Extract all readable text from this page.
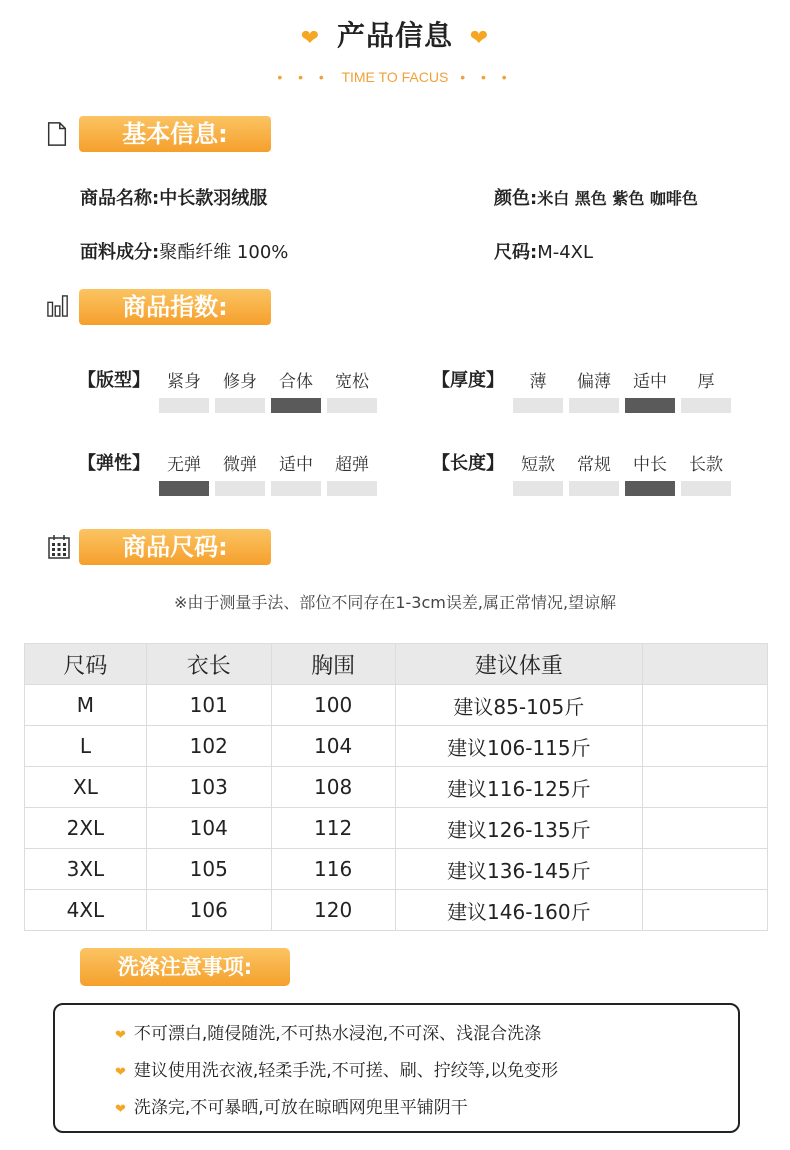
❤ 产品信息 ❤
• • • TIME TO FACUS • • •
基本信息:
商品名称:中长款羽绒服	颜色:米白 黑色 紫色 咖啡色
面料成分:聚酯纤维 100%	尺码:M-4XL
商品指数:
【版型】	紧身	修身	合体	宽松	【厚度】	薄	偏薄	适中	厚
【弹性】	无弹	微弹	适中	超弹	【长度】	短款	常规	中长	长款
商品尺码:
※由于测量手法、部位不同存在1-3cm误差,属正常情况,望谅解
尺码	衣长	胸围	建议体重	
M	101	100	建议85-105斤	
L	102	104	建议106-115斤	
XL	103	108	建议116-125斤	
2XL	104	112	建议126-135斤	
3XL	105	116	建议136-145斤	
4XL	106	120	建议146-160斤	
洗涤注意事项:
❤ 不可漂白,随侵随洗,不可热水浸泡,不可深、浅混合洗涤
❤ 建议使用洗衣液,轻柔手洗,不可搓、刷、拧绞等,以免变形
❤ 洗涤完,不可暴晒,可放在晾晒网兜里平铺阴干
